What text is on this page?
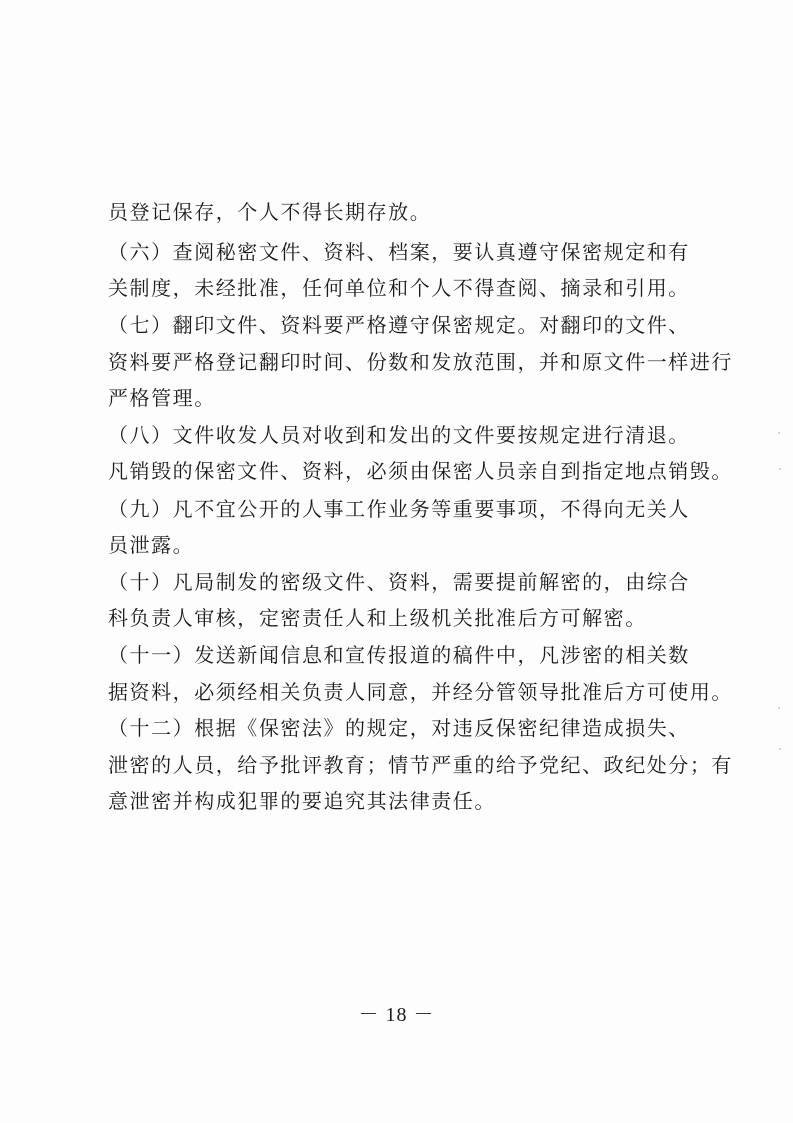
员登记保存，个人不得长期存放。
（六）查阅秘密文件、资料、档案，要认真遵守保密规定和有
关制度，未经批准，任何单位和个人不得查阅、摘录和引用。
（七）翻印文件、资料要严格遵守保密规定。对翻印的文件、
资料要严格登记翻印时间、份数和发放范围，并和原文件一样进行
严格管理。
（八）文件收发人员对收到和发出的文件要按规定进行清退。
凡销毁的保密文件、资料，必须由保密人员亲自到指定地点销毁。
（九）凡不宜公开的人事工作业务等重要事项，不得向无关人
员泄露。
（十）凡局制发的密级文件、资料，需要提前解密的，由综合
科负责人审核，定密责任人和上级机关批准后方可解密。
（十一）发送新闻信息和宣传报道的稿件中，凡涉密的相关数
据资料，必须经相关负责人同意，并经分管领导批准后方可使用。
（十二）根据《保密法》的规定，对违反保密纪律造成损失、
泄密的人员，给予批评教育；情节严重的给予党纪、政纪处分；有
意泄密并构成犯罪的要追究其法律责任。
－ 18 －
